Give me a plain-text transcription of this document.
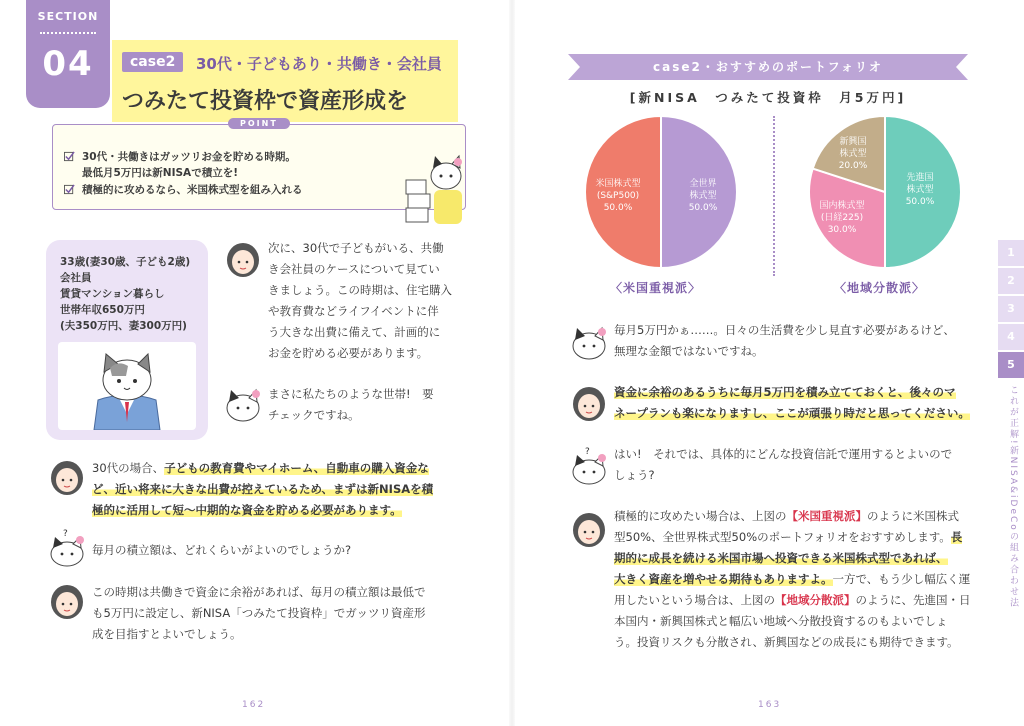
SECTION
04	case2	30代・子どもあり・共働き・会社員
つみたて投資枠で資産形成を
POINT
30代・共働きはガッツリお金を貯める時期。
最低月5万円は新NISAで積立を!
積極的に攻めるなら、米国株式型を組み入れる
33歳(妻30歳、子ども2歳)
会社員
賃貸マンション暮らし
世帯年収650万円
(夫350万円、妻300万円)
次に、30代で子どもがいる、共働
き会社員のケースについて見てい
きましょう。この時期は、住宅購入
や教育費などライフイベントに伴
う大きな出費に備えて、計画的に
お金を貯める必要があります。
まさに私たちのような世帯!　要
チェックですね。
30代の場合、子どもの教育費やマイホーム、自動車の購入資金な
ど、近い将来に大きな出費が控えているため、まずは新NISAを積
極的に活用して短〜中期的な資金を貯める必要があります。
?
毎月の積立額は、どれくらいがよいのでしょうか?
この時期は共働きで資金に余裕があれば、毎月の積立額は最低で
も5万円に設定し、新NISA「つみたて投資枠」でガッツリ資産形
成を目指すとよいでしょう。
162
case2・おすすめのポートフォリオ
[新NISA　つみたて投資枠　月5万円]
米国株式型
(S&P500)
50.0%
全世界
株式型
50.0%
〈米国重視派〉
先進国
株式型
50.0%
国内株式型
(日経225)
30.0%
新興国
株式型
20.0%
〈地域分散派〉
毎月5万円かぁ……。日々の生活費を少し見直す必要があるけど、
無理な金額ではないですね。
資金に余裕のあるうちに毎月5万円を積み立てておくと、後々のマ
ネープランも楽になりますし、ここが頑張り時だと思ってください。
? はい!　それでは、具体的にどんな投資信託で運用するとよいので
しょう?
積極的に攻めたい場合は、上図の【米国重視派】のように米国株式
型50%、全世界株式型50%のポートフォリオをおすすめします。長
期的に成長を続ける米国市場へ投資できる米国株式型であれば、
大きく資産を増やせる期待もありますよ。一方で、もう少し幅広く運
用したいという場合は、上図の【地域分散派】のように、先進国・日
本国内・新興国株式と幅広い地域へ分散投資するのもよいでしょ
う。投資リスクも分散され、新興国などの成長にも期待できます。
163
1
2
3
4
5
これが正解!新NISA&iDeCoの組み合わせ法
